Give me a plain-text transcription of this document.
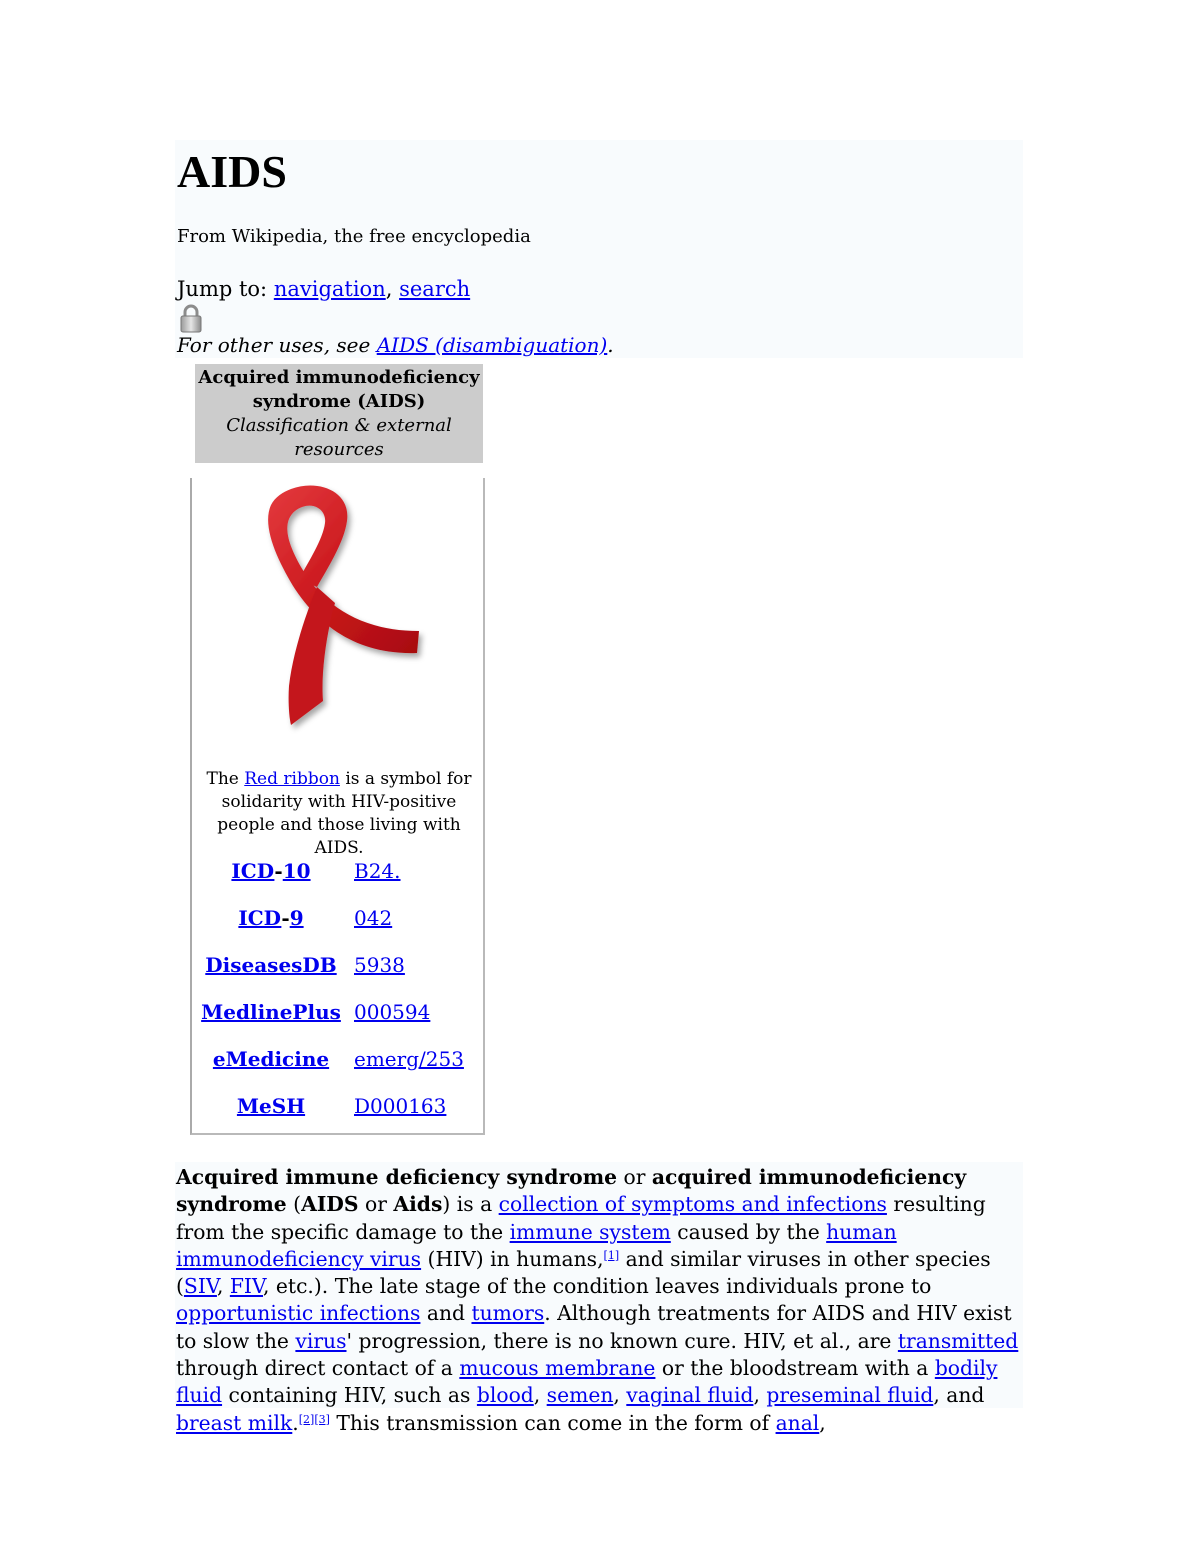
AIDS
From Wikipedia, the free encyclopedia
Jump to: navigation, search
For other uses, see AIDS (disambiguation).
Acquired immunodeficiency syndrome (AIDS)
Classification & external resources
The Red ribbon is a symbol for solidarity with HIV-positive people and those living with AIDS.
ICD-10	B24.
ICD-9	042
DiseasesDB 5938
MedlinePlus 000594
eMedicine	emerg/253
MeSH	D000163

Acquired immune deficiency syndrome or acquired immunodeficiency syndrome (AIDS or Aids) is a collection of symptoms and infections resulting from the specific damage to the immune system caused by the human immunodeficiency virus (HIV) in humans,[1] and similar viruses in other species (SIV, FIV, etc.). The late stage of the condition leaves individuals prone to opportunistic infections and tumors. Although treatments for AIDS and HIV exist to slow the virus' progression, there is no known cure. HIV, et al., are transmitted through direct contact of a mucous membrane or the bloodstream with a bodily fluid containing HIV, such as blood, semen, vaginal fluid, preseminal fluid, and breast milk.[2][3] This transmission can come in the form of anal,
